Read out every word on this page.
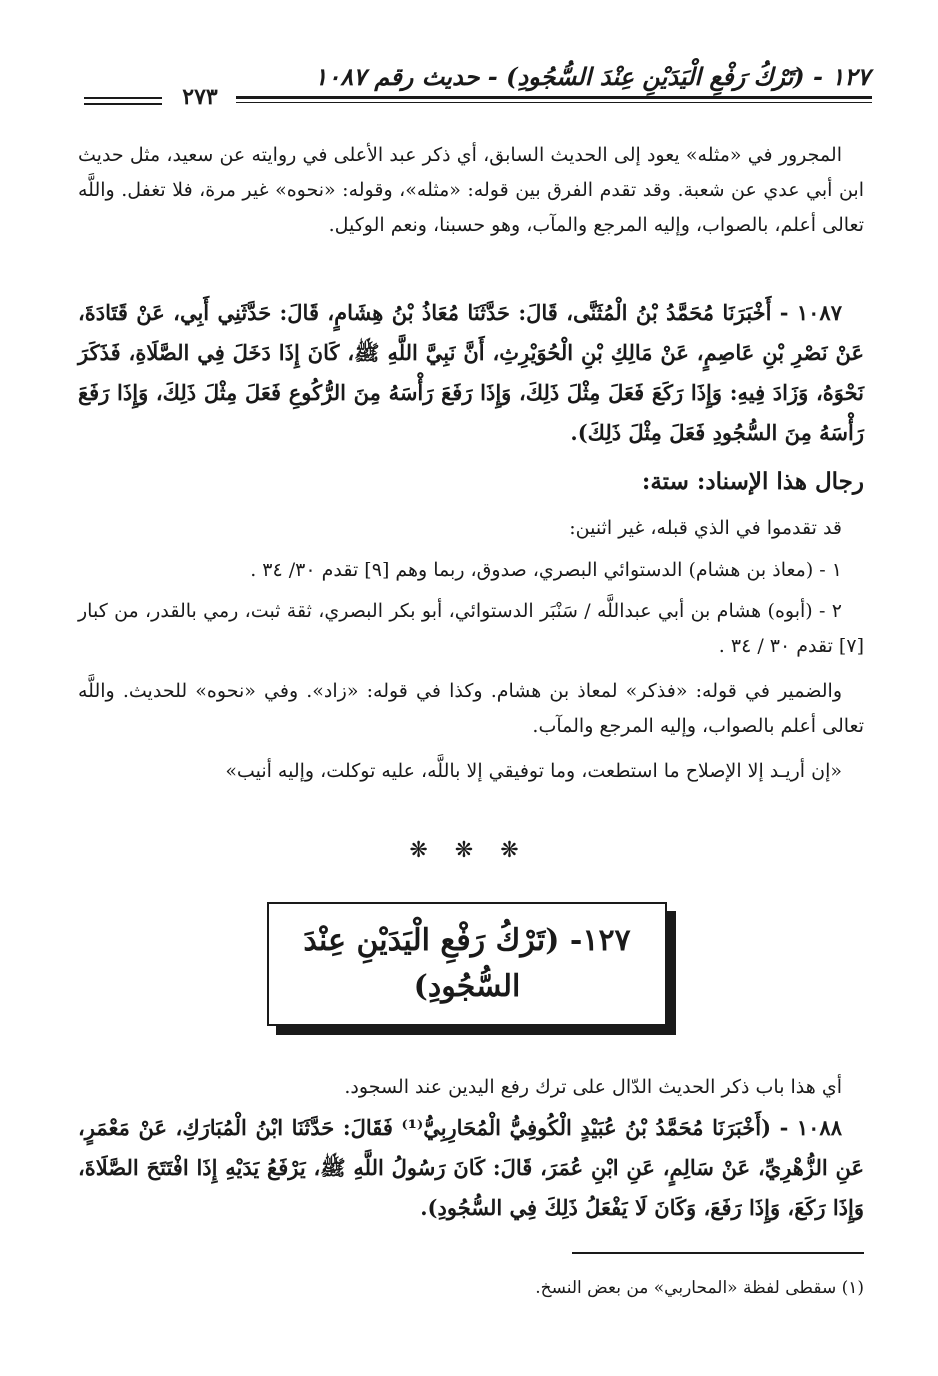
١٢٧ - (تَرْكُ رَفْعِ الْيَدَيْنِ عِنْدَ السُّجُودِ) - حديث رقم ١٠٨٧
٢٧٣
المجرور في «مثله» يعود إلى الحديث السابق، أي ذكر عبد الأعلى في روايته عن سعيد، مثل حديث ابن أبي عدي عن شعبة. وقد تقدم الفرق بين قوله: «مثله»، وقوله: «نحوه» غير مرة، فلا تغفل. واللَّه تعالى أعلم، بالصواب، وإليه المرجع والمآب، وهو حسبنا، ونعم الوكيل.
١٠٨٧ - أَخْبَرَنَا مُحَمَّدُ بْنُ الْمُثَنَّى، قَالَ: حَدَّثَنَا مُعَاذُ بْنُ هِشَامٍ، قَالَ: حَدَّثَنِي أَبِي، عَنْ قَتَادَةَ، عَنْ نَصْرِ بْنِ عَاصِمٍ، عَنْ مَالِكِ بْنِ الْحُوَيْرِثِ، أَنَّ نَبِيَّ اللَّهِ ﷺ، كَانَ إِذَا دَخَلَ فِي الصَّلَاةِ، فَذَكَرَ نَحْوَهُ، وَزَادَ فِيهِ: وَإِذَا رَكَعَ فَعَلَ مِثْلَ ذَلِكَ، وَإِذَا رَفَعَ رَأْسَهُ مِنَ الرُّكُوعِ فَعَلَ مِثْلَ ذَلِكَ، وَإِذَا رَفَعَ رَأْسَهُ مِنَ السُّجُودِ فَعَلَ مِثْلَ ذَلِكَ).
رجال هذا الإسناد: ستة:
قد تقدموا في الذي قبله، غير اثنين:
١ - (معاذ بن هشام) الدستوائي البصري، صدوق، ربما وهم [٩] تقدم ٣٠/ ٣٤ .
٢ - (أبوه) هشام بن أبي عبداللَّه / سَنْبَر الدستوائي، أبو بكر البصري، ثقة ثبت، رمي بالقدر، من كبار [٧] تقدم ٣٠ / ٣٤ .
والضمير في قوله: «فذكر» لمعاذ بن هشام. وكذا في قوله: «زاد». وفي «نحوه» للحديث. واللَّه تعالى أعلم بالصواب، وإليه المرجع والمآب.
«إن أريـد إلا الإصلاح ما استطعت، وما توفيقي إلا باللَّه، عليه توكلت، وإليه أنيب»
❋ ❋ ❋
١٢٧- (تَرْكُ رَفْعِ الْيَدَيْنِ عِنْدَ
السُّجُودِ)
أي هذا باب ذكر الحديث الدّال على ترك رفع اليدين عند السجود.
١٠٨٨ - (أَخْبَرَنَا مُحَمَّدُ بْنُ عُبَيْدٍ الْكُوفِيُّ الْمُحَارِبِيُّ⁽¹⁾ فَقَالَ: حَدَّثَنَا ابْنُ الْمُبَارَكِ، عَنْ مَعْمَرٍ، عَنِ الزُّهْرِيِّ، عَنْ سَالِمٍ، عَنِ ابْنِ عُمَرَ، قَالَ: كَانَ رَسُولُ اللَّهِ ﷺ، يَرْفَعُ يَدَيْهِ إِذَا افْتَتَحَ الصَّلَاةَ، وَإِذَا رَكَعَ، وَإِذَا رَفَعَ، وَكَانَ لَا يَفْعَلُ ذَلِكَ فِي السُّجُودِ).
(١) سقطى لفظة «المحاربي» من بعض النسخ.
